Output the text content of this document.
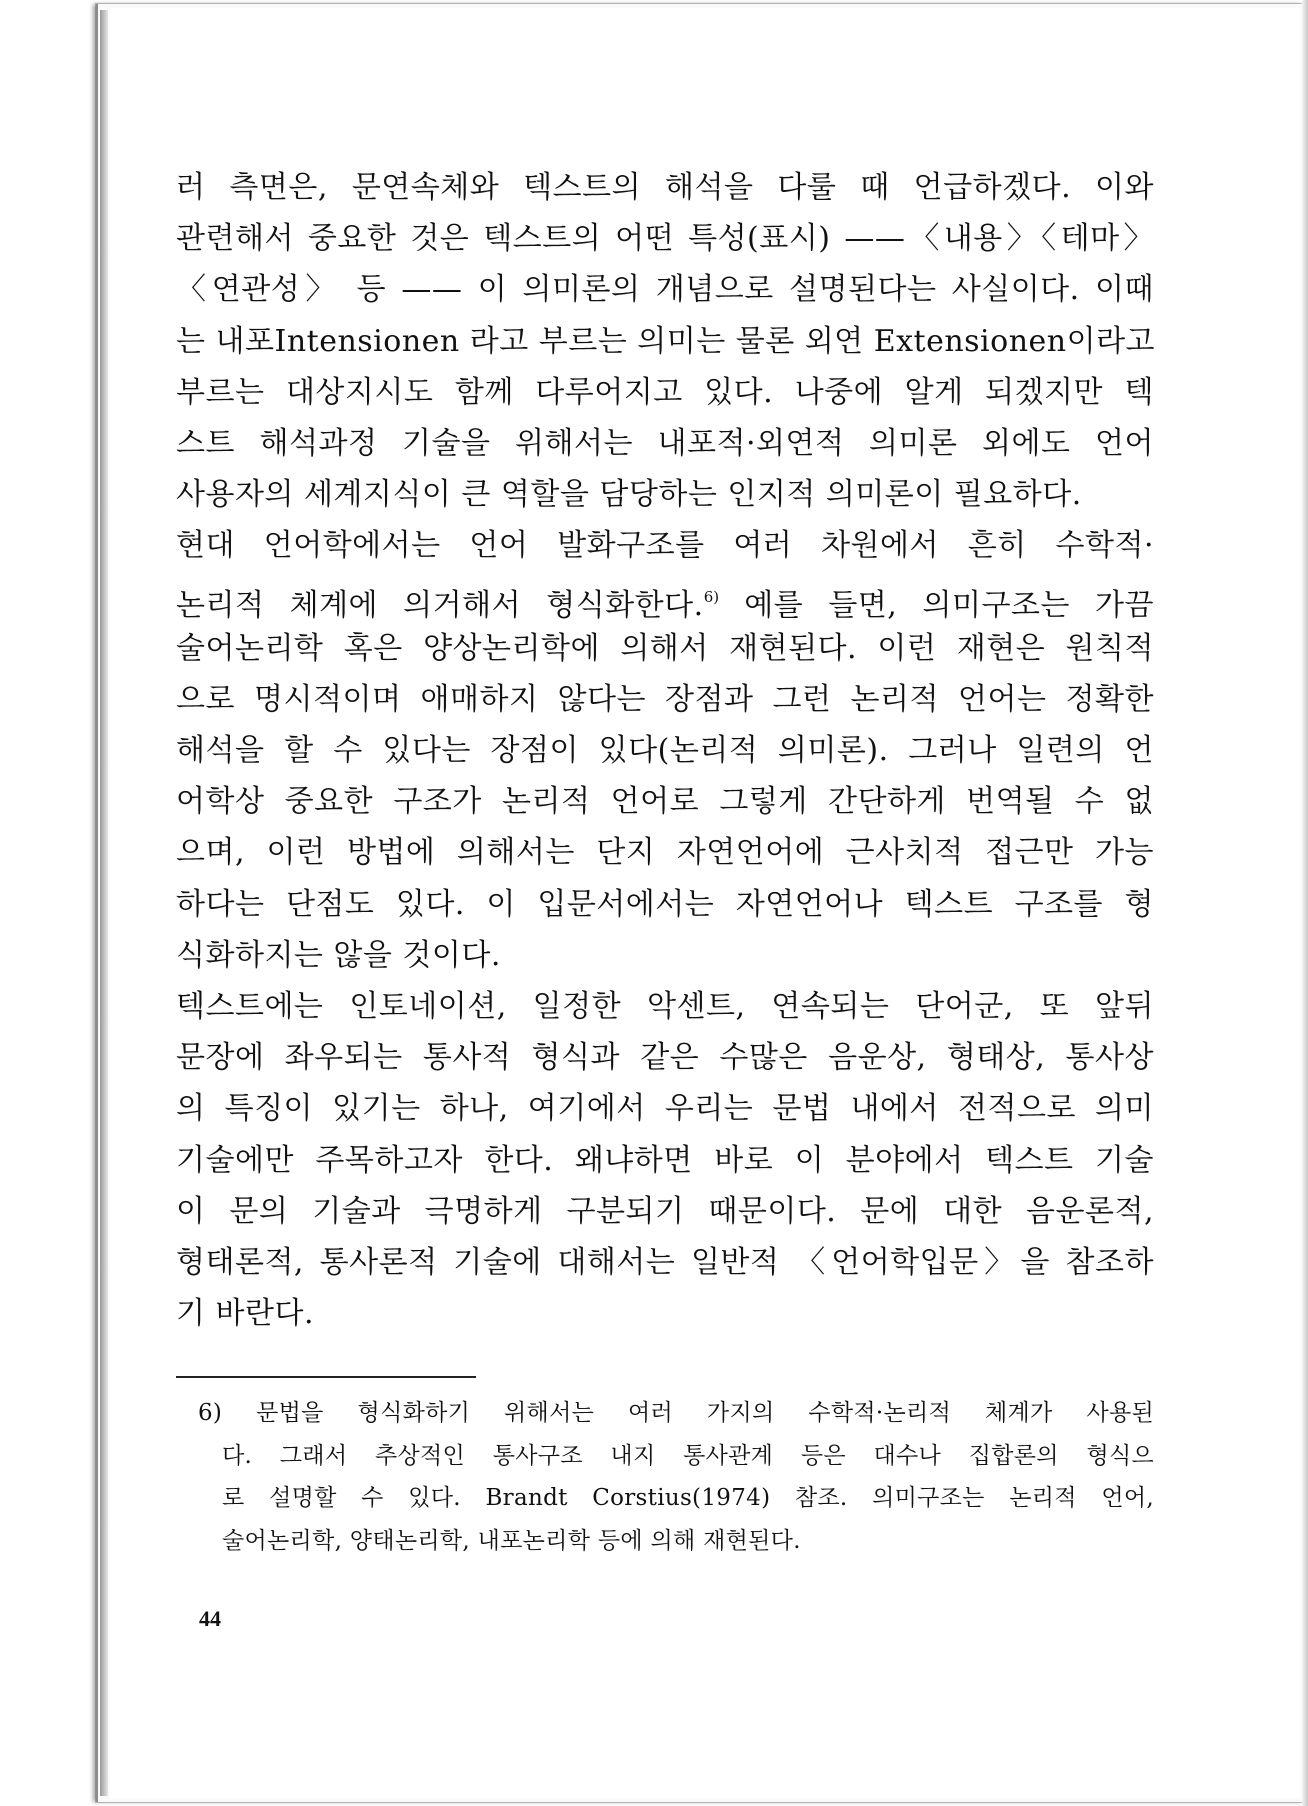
러 측면은, 문연속체와 텍스트의 해석을 다룰 때 언급하겠다. 이와
관련해서 중요한 것은 텍스트의 어떤 특성(표시) ——〈내용〉〈테마〉
〈연관성〉 등 —— 이 의미론의 개념으로 설명된다는 사실이다. 이때
는 내포Intensionen 라고 부르는 의미는 물론 외연 Extensionen이라고
부르는 대상지시도 함께 다루어지고 있다. 나중에 알게 되겠지만 텍
스트 해석과정 기술을 위해서는 내포적·외연적 의미론 외에도 언어
사용자의 세계지식이 큰 역할을 담당하는 인지적 의미론이 필요하다.
현대 언어학에서는 언어 발화구조를 여러 차원에서 흔히 수학적·
논리적 체계에 의거해서 형식화한다.$^{6)}$ 예를 들면, 의미구조는 가끔
술어논리학 혹은 양상논리학에 의해서 재현된다. 이런 재현은 원칙적
으로 명시적이며 애매하지 않다는 장점과 그런 논리적 언어는 정확한
해석을 할 수 있다는 장점이 있다(논리적 의미론). 그러나 일련의 언
어학상 중요한 구조가 논리적 언어로 그렇게 간단하게 번역될 수 없
으며, 이런 방법에 의해서는 단지 자연언어에 근사치적 접근만 가능
하다는 단점도 있다. 이 입문서에서는 자연언어나 텍스트 구조를 형
식화하지는 않을 것이다.
텍스트에는 인토네이션, 일정한 악센트, 연속되는 단어군, 또 앞뒤
문장에 좌우되는 통사적 형식과 같은 수많은 음운상, 형태상, 통사상
의 특징이 있기는 하나, 여기에서 우리는 문법 내에서 전적으로 의미
기술에만 주목하고자 한다. 왜냐하면 바로 이 분야에서 텍스트 기술
이 문의 기술과 극명하게 구분되기 때문이다. 문에 대한 음운론적,
형태론적, 통사론적 기술에 대해서는 일반적 〈언어학입문〉을 참조하
기 바란다.
6) 문법을 형식화하기 위해서는 여러 가지의 수학적·논리적 체계가 사용된
다. 그래서 추상적인 통사구조 내지 통사관계 등은 대수나 집합론의 형식으
로 설명할 수 있다. Brandt Corstius(1974) 참조. 의미구조는 논리적 언어,
술어논리학, 양태논리학, 내포논리학 등에 의해 재현된다.
44
